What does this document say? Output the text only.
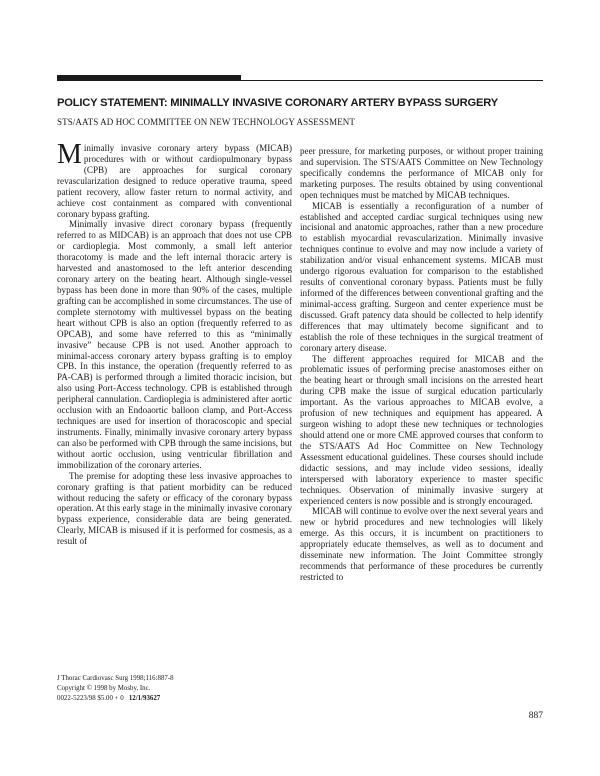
POLICY STATEMENT: MINIMALLY INVASIVE CORONARY ARTERY BYPASS SURGERY

STS/AATS AD HOC COMMITTEE ON NEW TECHNOLOGY ASSESSMENT

Minimally invasive coronary artery bypass (MICAB) procedures with or without cardiopulmonary bypass (CPB) are approaches for surgical coronary revascularization designed to reduce operative trauma, speed patient recovery, allow faster return to normal activity, and achieve cost containment as compared with conventional coronary bypass grafting.

Minimally invasive direct coronary bypass (frequently referred to as MIDCAB) is an approach that does not use CPB or cardioplegia. Most commonly, a small left anterior thoracotomy is made and the left internal thoracic artery is harvested and anastomosed to the left anterior descending coronary artery on the beating heart. Although single-vessel bypass has been done in more than 90% of the cases, multiple grafting can be accomplished in some circumstances. The use of complete sternotomy with multivessel bypass on the beating heart without CPB is also an option (frequently referred to as OPCAB), and some have referred to this as “minimally invasive” because CPB is not used. Another approach to minimal-access coronary artery bypass grafting is to employ CPB. In this instance, the operation (frequently referred to as PA-CAB) is performed through a limited thoracic incision, but also using Port-Access technology. CPB is established through peripheral cannulation. Cardioplegia is administered after aortic occlusion with an Endoaortic balloon clamp, and Port-Access techniques are used for insertion of thoracoscopic and special instruments. Finally, minimally invasive coronary artery bypass can also be performed with CPB through the same incisions, but without aortic occlusion, using ventricular fibrillation and immobilization of the coronary arteries.

The premise for adopting these less invasive approaches to coronary grafting is that patient morbidity can be reduced without reducing the safety or efficacy of the coronary bypass operation. At this early stage in the minimally invasive coronary bypass experience, considerable data are being generated. Clearly, MICAB is misused if it is performed for cosmesis, as a result of

peer pressure, for marketing purposes, or without proper training and supervision. The STS/AATS Committee on New Technology specifically condemns the performance of MICAB only for marketing purposes. The results obtained by using conventional open techniques must be matched by MICAB techniques.

MICAB is essentially a reconfiguration of a number of established and accepted cardiac surgical techniques using new incisional and anatomic approaches, rather than a new procedure to establish myocardial revascularization. Minimally invasive techniques continue to evolve and may now include a variety of stabilization and/or visual enhancement systems. MICAB must undergo rigorous evaluation for comparison to the established results of conventional coronary bypass. Patients must be fully informed of the differences between conventional grafting and the minimal-access grafting. Surgeon and center experience must be discussed. Graft patency data should be collected to help identify differences that may ultimately become significant and to establish the role of these techniques in the surgical treatment of coronary artery disease.

The different approaches required for MICAB and the problematic issues of performing precise anastomoses either on the beating heart or through small incisions on the arrested heart during CPB make the issue of surgical education particularly important. As the various approaches to MICAB evolve, a profusion of new techniques and equipment has appeared. A surgeon wishing to adopt these new techniques or technologies should attend one or more CME approved courses that conform to the STS/AATS Ad Hoc Committee on New Technology Assessment educational guidelines. These courses should include didactic sessions, and may include video sessions, ideally interspersed with laboratory experience to master specific techniques. Observation of minimally invasive surgery at experienced centers is now possible and is strongly encouraged.

MICAB will continue to evolve over the next several years and new or hybrid procedures and new technologies will likely emerge. As this occurs, it is incumbent on practitioners to appropriately educate themselves, as well as to document and disseminate new information. The Joint Committee strongly recommends that performance of these procedures be currently restricted to

J Thorac Cardiovasc Surg 1998;116:887-8
Copyright © 1998 by Mosby, Inc.
0022-5223/98 $5.00 + 0 12/1/93627
887
